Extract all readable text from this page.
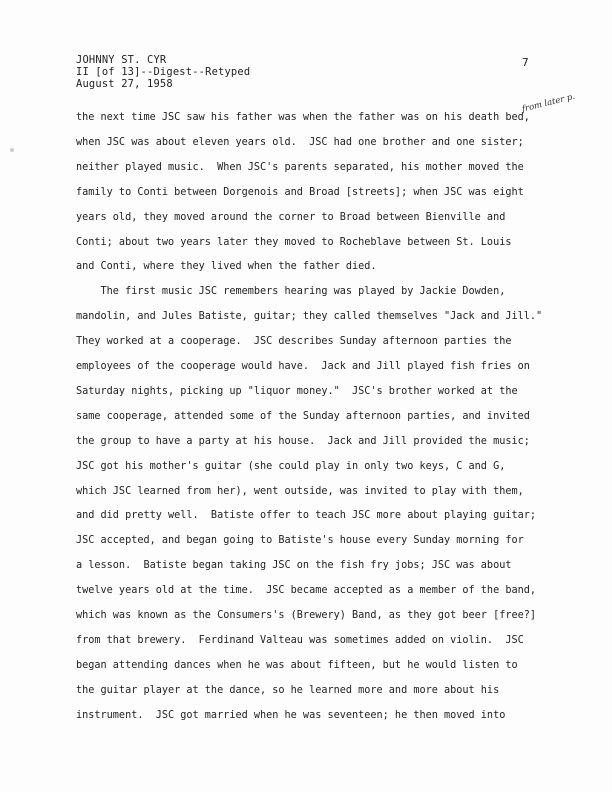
JOHNNY ST. CYR
II [of 13]--Digest--Retyped
August 27, 1958
7
from later p.
the next time JSC saw his father was when the father was on his death bed,
when JSC was about eleven years old.  JSC had one brother and one sister;
neither played music.  When JSC's parents separated, his mother moved the
family to Conti between Dorgenois and Broad [streets]; when JSC was eight
years old, they moved around the corner to Broad between Bienville and
Conti; about two years later they moved to Rocheblave between St. Louis
and Conti, where they lived when the father died.
The first music JSC remembers hearing was played by Jackie Dowden,
mandolin, and Jules Batiste, guitar; they called themselves "Jack and Jill."
They worked at a cooperage.  JSC describes Sunday afternoon parties the
employees of the cooperage would have.  Jack and Jill played fish fries on
Saturday nights, picking up "liquor money."  JSC's brother worked at the
same cooperage, attended some of the Sunday afternoon parties, and invited
the group to have a party at his house.  Jack and Jill provided the music;
JSC got his mother's guitar (she could play in only two keys, C and G,
which JSC learned from her), went outside, was invited to play with them,
and did pretty well.  Batiste offer to teach JSC more about playing guitar;
JSC accepted, and began going to Batiste's house every Sunday morning for
a lesson.  Batiste began taking JSC on the fish fry jobs; JSC was about
twelve years old at the time.  JSC became accepted as a member of the band,
which was known as the Consumers's (Brewery) Band, as they got beer [free?]
from that brewery.  Ferdinand Valteau was sometimes added on violin.  JSC
began attending dances when he was about fifteen, but he would listen to
the guitar player at the dance, so he learned more and more about his
instrument.  JSC got married when he was seventeen; he then moved into
